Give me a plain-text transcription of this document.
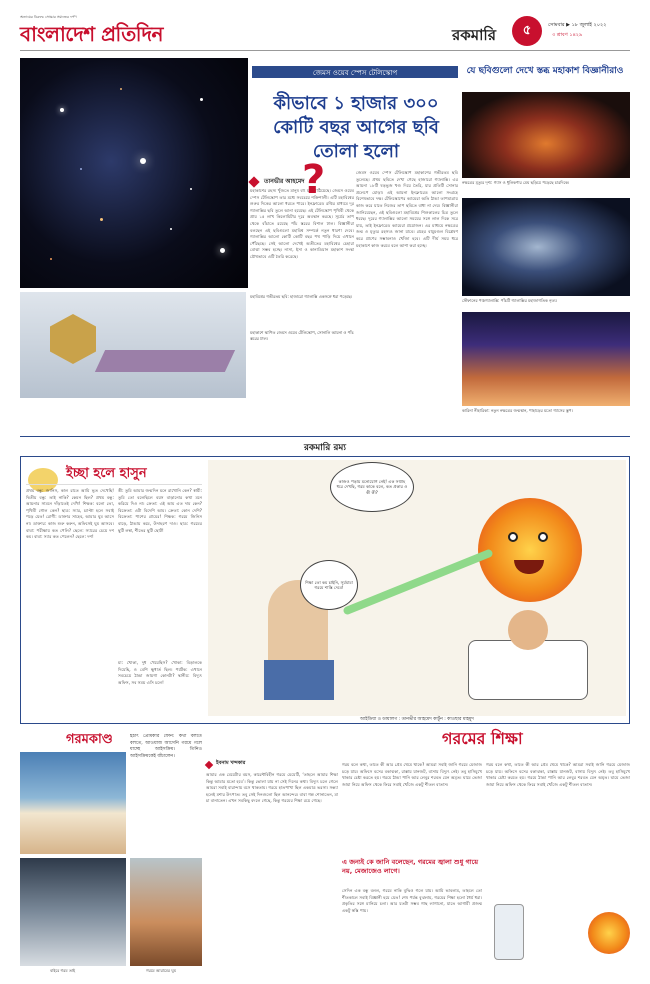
অন্যায়ের বিরুদ্ধে সোচ্চার সমাজের দর্পণ
বাংলাদেশ প্রতিদিন	রকমারি	৫	সোমবার ▶ ১৮ জুলাই ২০২২
৩ শ্রাবণ ১৪২৯
জেমস ওয়েব স্পেস টেলিস্কোপ
কীভাবে ১ হাজার ৩০০ কোটি বছর আগের ছবি তোলা হলো
তানভীর আহমেদ
মহাকাশের রহস্য খুঁজতে মানুষ বহু যন্ত্র পাঠিয়েছে। জেমস ওয়েব স্পেস টেলিস্কোপ তার মধ্যে সবচেয়ে শক্তিশালী। এটি মহাবিশ্বের শুরুর দিকের আলো ধরতে পারে। ইনফ্রারেড রশ্মির মাধ্যমে দূর গ্যালাক্সির ছবি তুলে আনা হয়েছে। এই টেলিস্কোপ পৃথিবী থেকে প্রায় ১৫ লাখ কিলোমিটার দূরে অবস্থান করছে। সূর্যের তাপ থেকে বাঁচাতে রয়েছে পাঁচ স্তরের বিশাল ঢাল। বিজ্ঞানীরা বলছেন এই ছবিগুলো মহাবিশ্ব সম্পর্কে নতুন ধারণা দেবে। গ্যালাক্সির আলো কোটি কোটি বছর পথ পাড়ি দিয়ে এখানে পৌঁছেছে। সেই আলো দেখেই অতীতের মহাবিশ্বের চেহারা বোঝা সম্ভব হচ্ছে। নাসা, ইসা ও কানাডিয়ান মহাকাশ সংস্থা যৌথভাবে এটি তৈরি করেছে।
?	জেমস ওয়েব স্পেস টেলিস্কোপ মহাকাশের গভীরতম ছবি তুলেছে। প্রথম ছবিতে দেখা গেছে হাজারো গ্যালাক্সি। এর আয়না ১৮টি ষড়ভুজ খণ্ড দিয়ে তৈরি, যার প্রতিটি সোনার প্রলেপে মোড়া। এই আয়না ইনফ্রারেড আলো সংগ্রহে বিশেষভাবে দক্ষ। টেলিস্কোপের ক্যামেরা অতি ঠান্ডা তাপমাত্রায় কাজ করে যাতে নিজের তাপ ছবিতে বাধা না দেয়। বিজ্ঞানীরা জানিয়েছেন, এই ছবিগুলো মহাবিশ্বের শিশুকালের চিত্র তুলে ধরছে। দূরের গ্যালাক্সির আলো সময়ের সঙ্গে লাল দিকে সরে যায়, তাই ইনফ্রারেড ক্যামেরা প্রয়োজন। এর মাধ্যমে নক্ষত্রের জন্ম ও মৃত্যুর রহস্যও জানা যাবে। গ্রহের বায়ুমণ্ডল বিশ্লেষণ করে প্রাণের সম্ভাবনাও খোঁজা হবে। এটি দীর্ঘ সময় ধরে মহাকাশে কাজ করবে বলে আশা করা হচ্ছে।
যে ছবিগুলো দেখে স্তব্ধ মহাকাশ বিজ্ঞানীরাও
নক্ষত্রের মৃত্যুর দৃশ্য: গ্যাস ও ধূলিকণার মেঘ ছড়িয়ে পড়েছে চারদিকে।
স্টেফানের পঞ্চগ্যালাক্সি: পাঁচটি গ্যালাক্সির মহাজাগতিক নৃত্য।
কারিনা নীহারিকা: নতুন নক্ষত্রের জন্মস্থান, পাহাড়ের মতো গ্যাসের স্তূপ।
মহাবিশ্বের গভীরতম ছবি: হাজারো গ্যালাক্সি একসঙ্গে ধরা পড়েছে।
মহাকাশে স্থাপিত জেমস ওয়েব টেলিস্কোপ, সোনালি আয়না ও পাঁচ স্তরের ঢাল।
রকমারি রম্য
ইচ্ছা হলে হাসুন
প্রথম বন্ধু: জানিস, কাল রাতে আমি ভূত দেখেছি! দ্বিতীয় বন্ধু: তাই নাকি? কেমন ছিল? প্রথম বন্ধু: আয়নার সামনে দাঁড়াতেই দেখি! শিক্ষক: বলো তো, পৃথিবী গোল কেন? ছাত্র: স্যার, চ্যাপ্টা হলে সবাই পড়ে যেত! রোগী: ডাক্তার সাহেব, আমার ঘুম আসে না। ডাক্তার: কাজ শুরু করুন, অফিসেই ঘুম আসবে। বাবা: পরীক্ষায় কত পেলি? ছেলে: স্যারের চেয়ে দশ কম। বাবা: স্যার কত পেলেন? ছেলে: দশ!
স্ত্রী: তুমি আমার জন্মদিন মনে রাখোনি কেন? স্বামী: তুমি তো বলেছিলে বয়স বাড়ানোর কথা মনে করিয়ে দিও না। ক্রেতা: এই আম এত দাম কেন? বিক্রেতা: এটা বিদেশি আম। ক্রেতা: কোন দেশি? বিক্রেতা: পাশের গ্রামের! শিক্ষক: গরমে জিনিস বাড়ে, ঠান্ডায় কমে, উদাহরণ দাও। ছাত্র: গরমের ছুটি লম্বা, শীতের ছুটি ছোট!
মা: খোকা, দুধ খেয়েছিস? খোকা: বিড়ালকে দিয়েছি, ও বেশি ক্ষুধার্ত ছিল। পর্যটক: এখানে সবচেয়ে ঠান্ডা জায়গা কোনটা? স্থানীয়: বিদ্যুৎ অফিস, সব সময় এসি চলে!
কাজও পড়ায় মনোযোগ নেই! এক সপ্তাহ ধরে দেখছি, গরম কাকে বলে, কত প্রকার ও কী কী?
শিক্ষা তো কম চাইনি, সূর্যমামা গরমে শাস্তি দেবে!
আইডিয়া ও ডায়ালগ : তানভীর আহমেদ কার্টুন : কাওছার মাহমুদ
গরমকাণ্ড	হঠাৎ প্রেমিকার ফোন: কথা বলতে বলতে, আওয়াজ আসেনি গরমে গলে যাচ্ছে আইসক্রিম। তিনিও আইসক্রিমকেই বাঁচালেন।
বাইরে গরম তাই	গরমে আরামের ঘুম
গরমের শিক্ষা
ইবনাম খন্দকার
আমার এক মেয়েটার বয়স, কারেন্টবিহীন গরমে মেয়েটি, ‘তাহলে আমার শিক্ষা কিন্তু আমার মতো হবে’। কিন্তু ভোলা যায় না সেই দিনের কথা। বিদ্যুৎ চলে গেলে আমরা সবাই বারান্দায় বসে থাকতাম। গরমে হাতপাখা ছিল একমাত্র ভরসা। সন্ধ্যা হলেই মশার উৎপাত। তবু সেই দিনগুলো ছিল আনন্দের। বাবা গল্প শোনাতেন, মা চা বানাতেন। এখন সবকিছু বদলে গেছে, কিন্তু গরমের শিক্ষা রয়ে গেছে।
গরম বলে কথা, তাতে কী আর প্রেম থেমে থাকে? আমরা সবাই জানি গরমে মেজাজ চড়ে যায়। অফিসে বসের বকাঝকা, রাস্তায় যানজট, বাসায় বিদ্যুৎ নেই। তবু হাসিমুখে থাকার চেষ্টা করতে হয়। গরমে ঠান্ডা পানি আর লেবুর শরবত যেন অমৃত। ঘামে ভেজা জামা নিয়ে অফিস থেকে ফিরে সবাই খোঁজে একটু শীতল বাতাস।
এ জন্যই কে জানি বলেছেন, গরমের জ্বালা শুধু গায়ে নয়, মেজাজেও লাগে।
সেদিন এক বন্ধু বলল, গরমে নাকি বুদ্ধিও গলে যায়। আমি ভাবলাম, তাহলে তো শীতকালে সবাই বিজ্ঞানী হয়ে যেত! শেষ পর্যন্ত বুঝলাম, গরমের শিক্ষা হলো ধৈর্য ধরা। প্রকৃতির সঙ্গে মানিয়ে চলা। আর যতটা সম্ভব গাছ লাগানো, যাতে আগামী প্রজন্ম একটু স্বস্তি পায়।
গরম বলে কথা, তাতে কী আর প্রেম থেমে থাকে? আমরা সবাই জানি গরমে মেজাজ চড়ে যায়। অফিসে বসের বকাঝকা, রাস্তায় যানজট, বাসায় বিদ্যুৎ নেই। তবু হাসিমুখে থাকার চেষ্টা করতে হয়। গরমে ঠান্ডা পানি আর লেবুর শরবত যেন অমৃত। ঘামে ভেজা জামা নিয়ে অফিস থেকে ফিরে সবাই খোঁজে একটু শীতল বাতাস।
